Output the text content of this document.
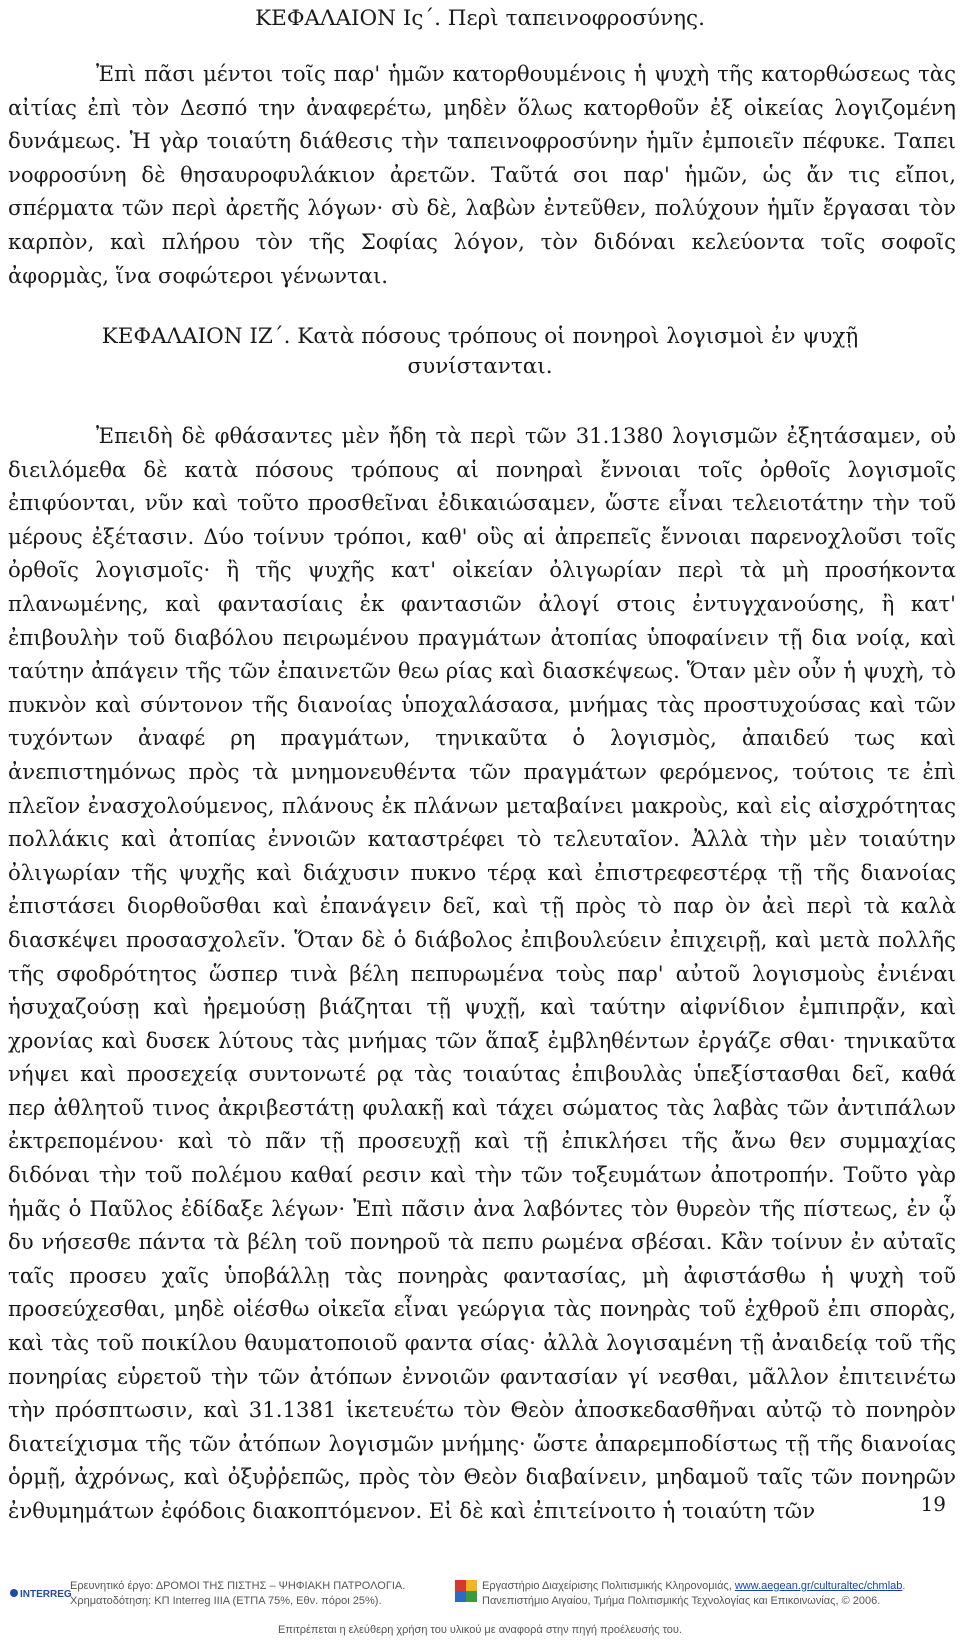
ΚΕΦΑΛΑΙΟΝ Ις΄. Περὶ ταπεινοφροσύνης.

Ἐπὶ πᾶσι μέντοι τοῖς παρ' ἡμῶν κατορθουμένοις ἡ ψυχὴ τῆς κατορθώσεως τὰς αἰτίας ἐπὶ τὸν Δεσπό την ἀναφερέτω, μηδὲν ὅλως κατορθοῦν ἐξ οἰκείας λογιζομένη δυνάμεως. Ἡ γὰρ τοιαύτη διάθεσις τὴν ταπεινοφροσύνην ἡμῖν ἐμποιεῖν πέφυκε. Ταπει νοφροσύνη δὲ θησαυροφυλάκιον ἀρετῶν. Ταῦτά σοι παρ' ἡμῶν, ὡς ἄν τις εἴποι, σπέρματα τῶν περὶ ἀρετῆς λόγων· σὺ δὲ, λαβὼν ἐντεῦθεν, πολύχουν ἡμῖν ἔργασαι τὸν καρπὸν, καὶ πλήρου τὸν τῆς Σοφίας λόγον, τὸν διδόναι κελεύοντα τοῖς σοφοῖς ἀφορμὰς, ἵνα σοφώτεροι γένωνται.

ΚΕΦΑΛΑΙΟΝ ΙΖ΄. Κατὰ πόσους τρόπους οἱ πονηροὶ λογισμοὶ ἐν ψυχῇ
συνίστανται.

Ἐπειδὴ δὲ φθάσαντες μὲν ἤδη τὰ περὶ τῶν 31.1380 λογισμῶν ἐξητάσαμεν, οὐ διειλόμεθα δὲ κατὰ πόσους τρόπους αἱ πονηραὶ ἔννοιαι τοῖς ὀρθοῖς λογισμοῖς ἐπιφύονται, νῦν καὶ τοῦτο προσθεῖναι ἐδικαιώσαμεν, ὥστε εἶναι τελειοτάτην τὴν τοῦ μέρους ἐξέτασιν. Δύο τοίνυν τρόποι, καθ' οὓς αἱ ἀπρεπεῖς ἔννοιαι παρενοχλοῦσι τοῖς ὀρθοῖς λογισμοῖς· ἢ τῆς ψυχῆς κατ' οἰκείαν ὀλιγωρίαν περὶ τὰ μὴ προσήκοντα πλανωμένης, καὶ φαντασίαις ἐκ φαντασιῶν ἀλογί στοις ἐντυγχανούσης, ἢ κατ' ἐπιβουλὴν τοῦ διαβόλου πειρωμένου πραγμάτων ἀτοπίας ὑποφαίνειν τῇ δια νοίᾳ, καὶ ταύτην ἀπάγειν τῆς τῶν ἐπαινετῶν θεω ρίας καὶ διασκέψεως. Ὅταν μὲν οὖν ἡ ψυχὴ, τὸ πυκνὸν καὶ σύντονον τῆς διανοίας ὑποχαλάσασα, μνήμας τὰς προστυχούσας καὶ τῶν τυχόντων ἀναφέ ρη πραγμάτων, τηνικαῦτα ὁ λογισμὸς, ἀπαιδεύ τως καὶ ἀνεπιστημόνως πρὸς τὰ μνημονευθέντα τῶν πραγμάτων φερόμενος, τούτοις τε ἐπὶ πλεῖον ἐνασχολούμενος, πλάνους ἐκ πλάνων μεταβαίνει μακροὺς, καὶ εἰς αἰσχρότητας πολλάκις καὶ ἀτοπίας ἐννοιῶν καταστρέφει τὸ τελευταῖον. Ἀλλὰ τὴν μὲν τοιαύτην ὀλιγωρίαν τῆς ψυχῆς καὶ διάχυσιν πυκνο τέρᾳ καὶ ἐπιστρεφεστέρᾳ τῇ τῆς διανοίας ἐπιστάσει διορθοῦσθαι καὶ ἐπανάγειν δεῖ, καὶ τῇ πρὸς τὸ παρ ὸν ἀεὶ περὶ τὰ καλὰ διασκέψει προσασχολεῖν. Ὅταν δὲ ὁ διάβολος ἐπιβουλεύειν ἐπιχειρῇ, καὶ μετὰ πολλῆς τῆς σφοδρότητος ὥσπερ τινὰ βέλη πεπυρωμένα τοὺς παρ' αὐτοῦ λογισμοὺς ἐνιέναι ἡσυχαζούσῃ καὶ ἠρεμούσῃ βιάζηται τῇ ψυχῇ, καὶ ταύτην αἰφνίδιον ἐμπιπρᾷν, καὶ χρονίας καὶ δυσεκ λύτους τὰς μνήμας τῶν ἅπαξ ἐμβληθέντων ἐργάζε σθαι· τηνικαῦτα νήψει καὶ προσεχείᾳ συντονωτέ ρᾳ τὰς τοιαύτας ἐπιβουλὰς ὑπεξίστασθαι δεῖ, καθά περ ἀθλητοῦ τινος ἀκριβεστάτῃ φυλακῇ καὶ τάχει σώματος τὰς λαβὰς τῶν ἀντιπάλων ἐκτρεπομένου· καὶ τὸ πᾶν τῇ προσευχῇ καὶ τῇ ἐπικλήσει τῆς ἄνω θεν συμμαχίας διδόναι τὴν τοῦ πολέμου καθαί ρεσιν καὶ τὴν τῶν τοξευμάτων ἀποτροπήν. Τοῦτο γὰρ ἡμᾶς ὁ Παῦλος ἐδίδαξε λέγων· Ἐπὶ πᾶσιν ἀνα λαβόντες τὸν θυρεὸν τῆς πίστεως, ἐν ᾧ δυ νήσεσθε πάντα τὰ βέλη τοῦ πονηροῦ τὰ πεπυ ρωμένα σβέσαι. Κἂν τοίνυν ἐν αὐταῖς ταῖς προσευ χαῖς ὑποβάλλῃ τὰς πονηρὰς φαντασίας, μὴ ἀφιστάσθω ἡ ψυχὴ τοῦ προσεύχεσθαι, μηδὲ οἰέσθω οἰκεῖα εἶναι γεώργια τὰς πονηρὰς τοῦ ἐχθροῦ ἐπι σπορὰς, καὶ τὰς τοῦ ποικίλου θαυματοποιοῦ φαντα σίας· ἀλλὰ λογισαμένη τῇ ἀναιδείᾳ τοῦ τῆς πονηρίας εὑρετοῦ τὴν τῶν ἀτόπων ἐννοιῶν φαντασίαν γί νεσθαι, μᾶλλον ἐπιτεινέτω τὴν πρόσπτωσιν, καὶ 31.1381 ἱκετευέτω τὸν Θεὸν ἀποσκεδασθῆναι αὐτῷ τὸ πονηρὸν διατείχισμα τῆς τῶν ἀτόπων λογισμῶν μνήμης· ὥστε ἀπαρεμποδίστως τῇ τῆς διανοίας ὁρμῇ, ἀχρόνως, καὶ ὀξυῤῥεπῶς, πρὸς τὸν Θεὸν διαβαίνειν, μηδαμοῦ ταῖς τῶν πονηρῶν ἐνθυμημάτων ἐφόδοις διακοπτόμενον. Εἰ δὲ καὶ ἐπιτείνοιτο ἡ τοιαύτη τῶν	19
INTERREG
Ερευνητικό έργο: ΔΡΟΜΟΙ ΤΗΣ ΠΙΣΤΗΣ – ΨΗΦΙΑΚΗ ΠΑΤΡΟΛΟΓΙΑ.
Χρηματοδότηση: ΚΠ Interreg IIIA (ΕΤΠΑ 75%, Εθν. πόροι 25%).
Εργαστήριο Διαχείρισης Πολιτισμικής Κληρονομιάς, www.aegean.gr/culturaltec/chmlab.
Πανεπιστήμιο Αιγαίου, Τμήμα Πολιτισμικής Τεχνολογίας και Επικοινωνίας, © 2006.
Επιτρέπεται η ελεύθερη χρήση του υλικού με αναφορά στην πηγή προέλευσής του.
